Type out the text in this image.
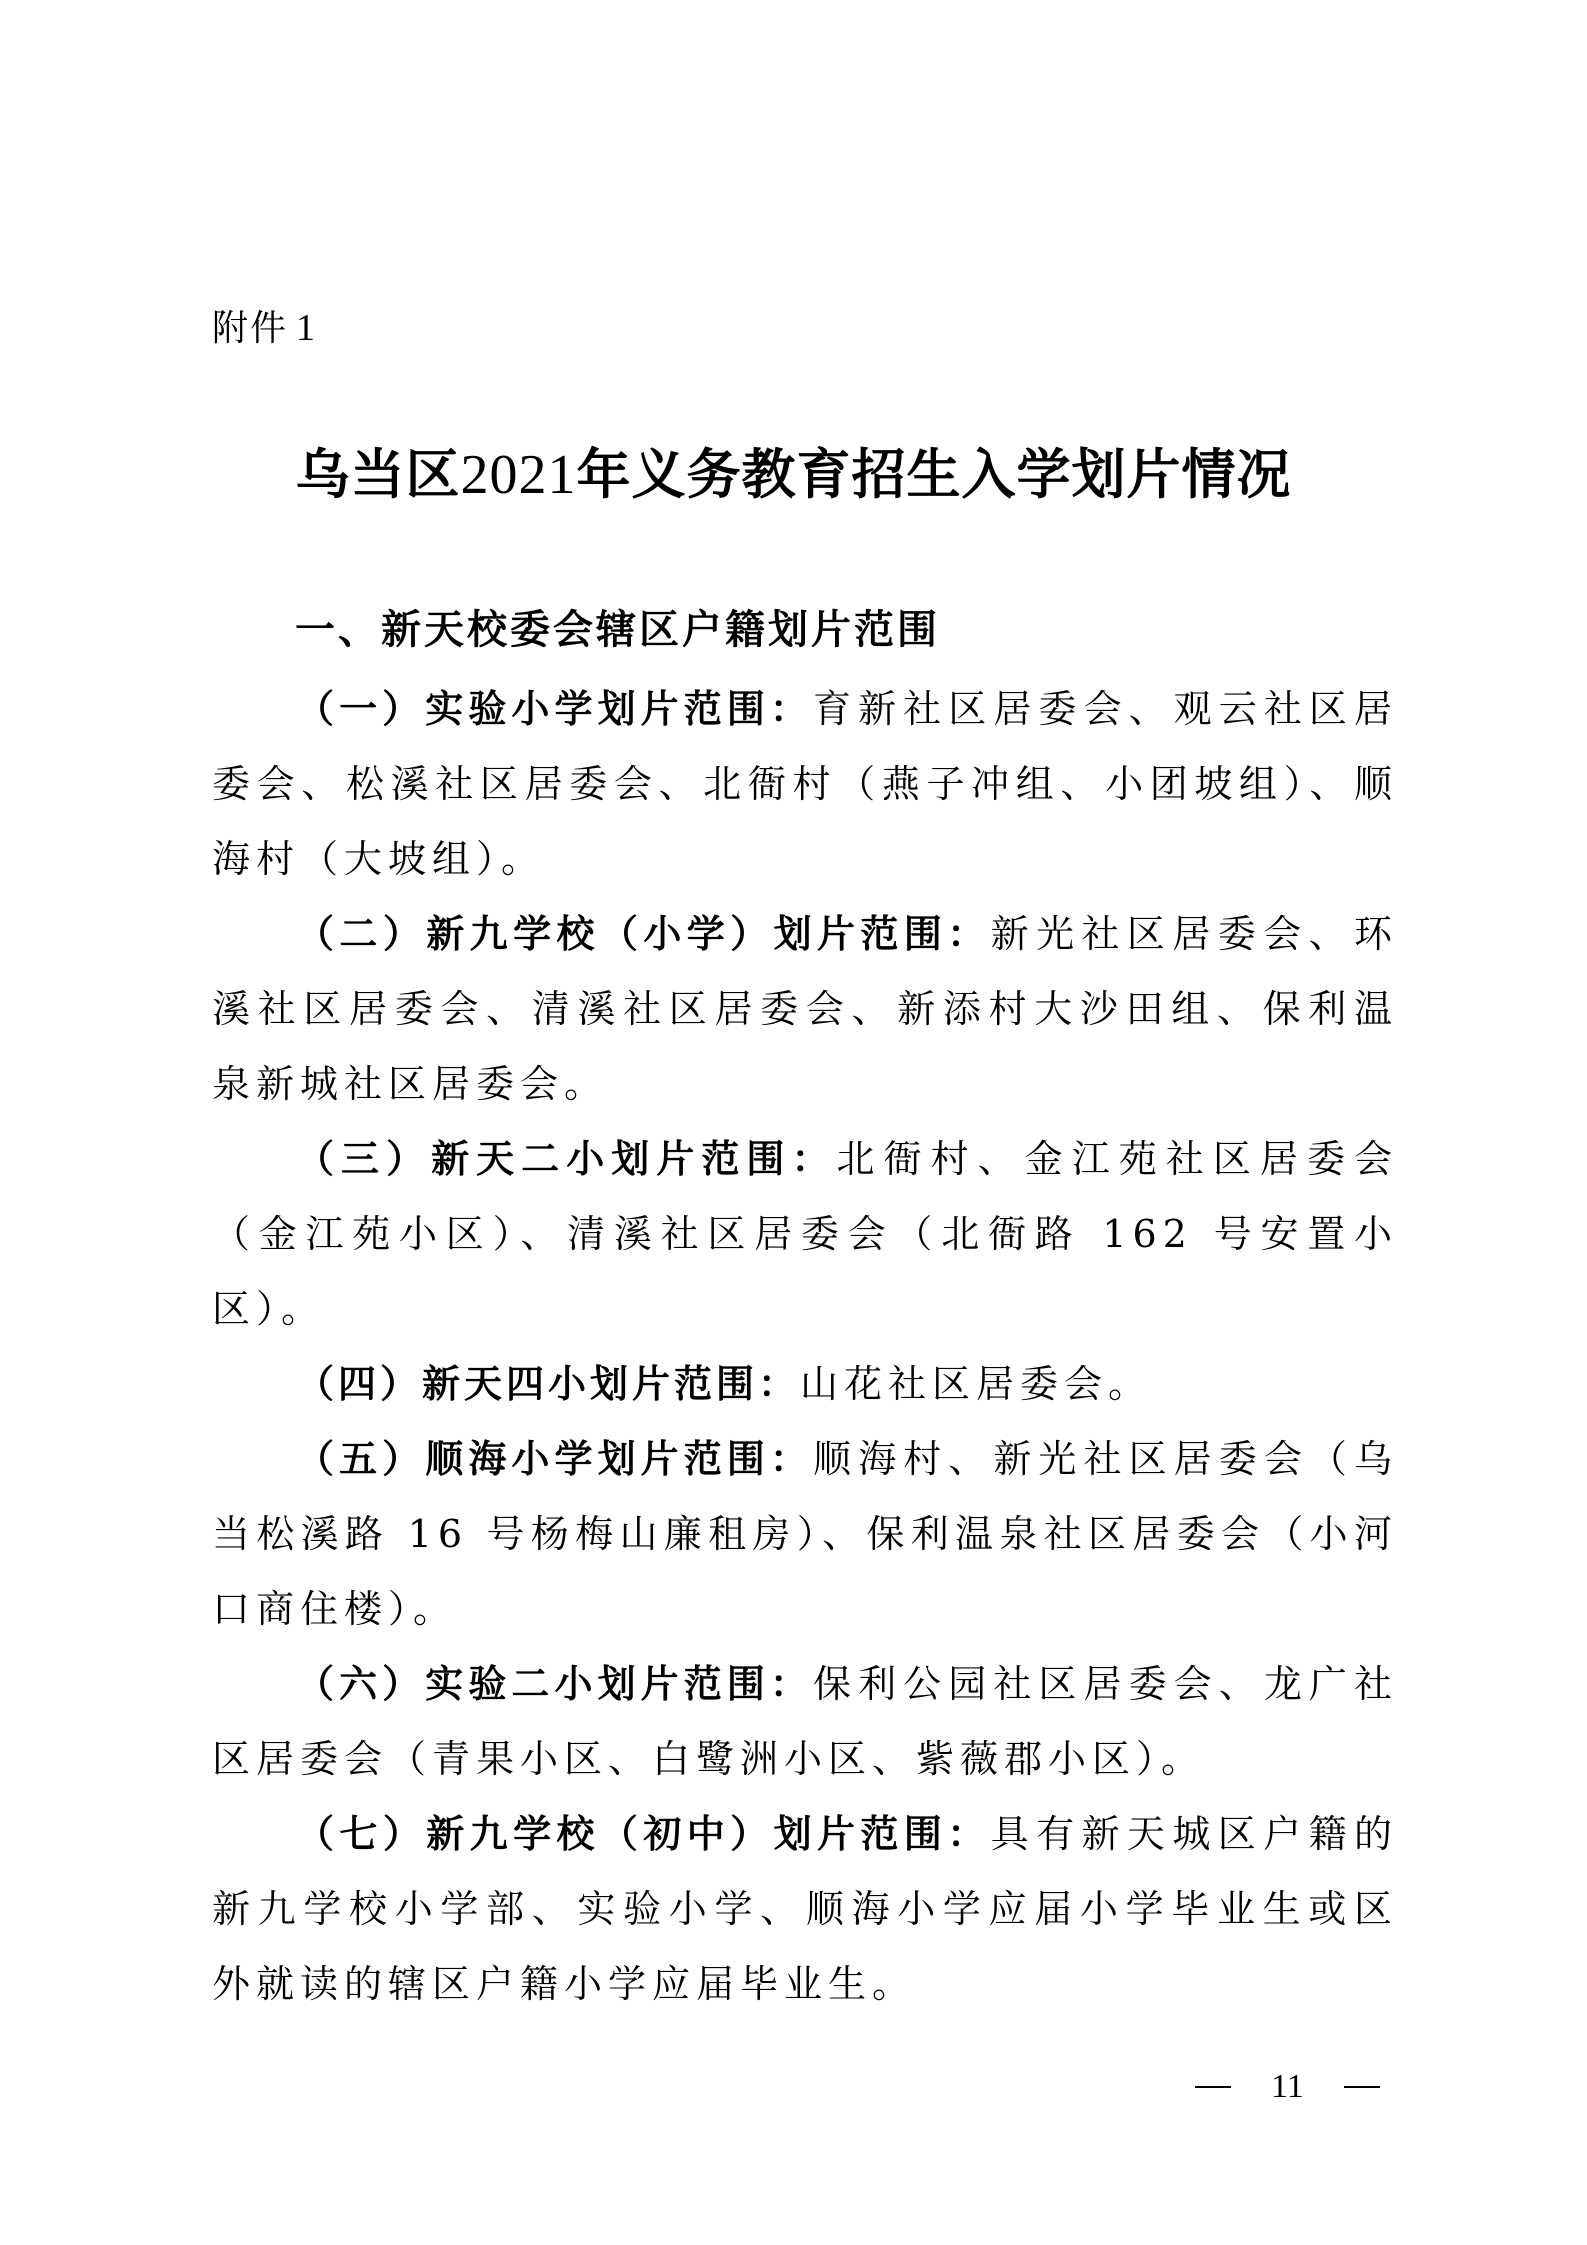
附件 1
乌当区2021年义务教育招生入学划片情况
一、新天校委会辖区户籍划片范围

（一）实验小学划片范围：育新社区居委会、观云社区居委会、松溪社区居委会、北衙村（燕子冲组、小团坡组）、顺海村（大坡组）。

（二）新九学校（小学）划片范围：新光社区居委会、环溪社区居委会、清溪社区居委会、新添村大沙田组、保利温泉新城社区居委会。

（三）新天二小划片范围：北衙村、金江苑社区居委会（金江苑小区）、清溪社区居委会（北衙路 162 号安置小区）。

（四）新天四小划片范围：山花社区居委会。

（五）顺海小学划片范围：顺海村、新光社区居委会（乌当松溪路 16 号杨梅山廉租房）、保利温泉社区居委会（小河口商住楼）。

（六）实验二小划片范围：保利公园社区居委会、龙广社区居委会（青果小区、白鹭洲小区、紫薇郡小区）。

（七）新九学校（初中）划片范围：具有新天城区户籍的新九学校小学部、实验小学、顺海小学应届小学毕业生或区外就读的辖区户籍小学应届毕业生。

11
